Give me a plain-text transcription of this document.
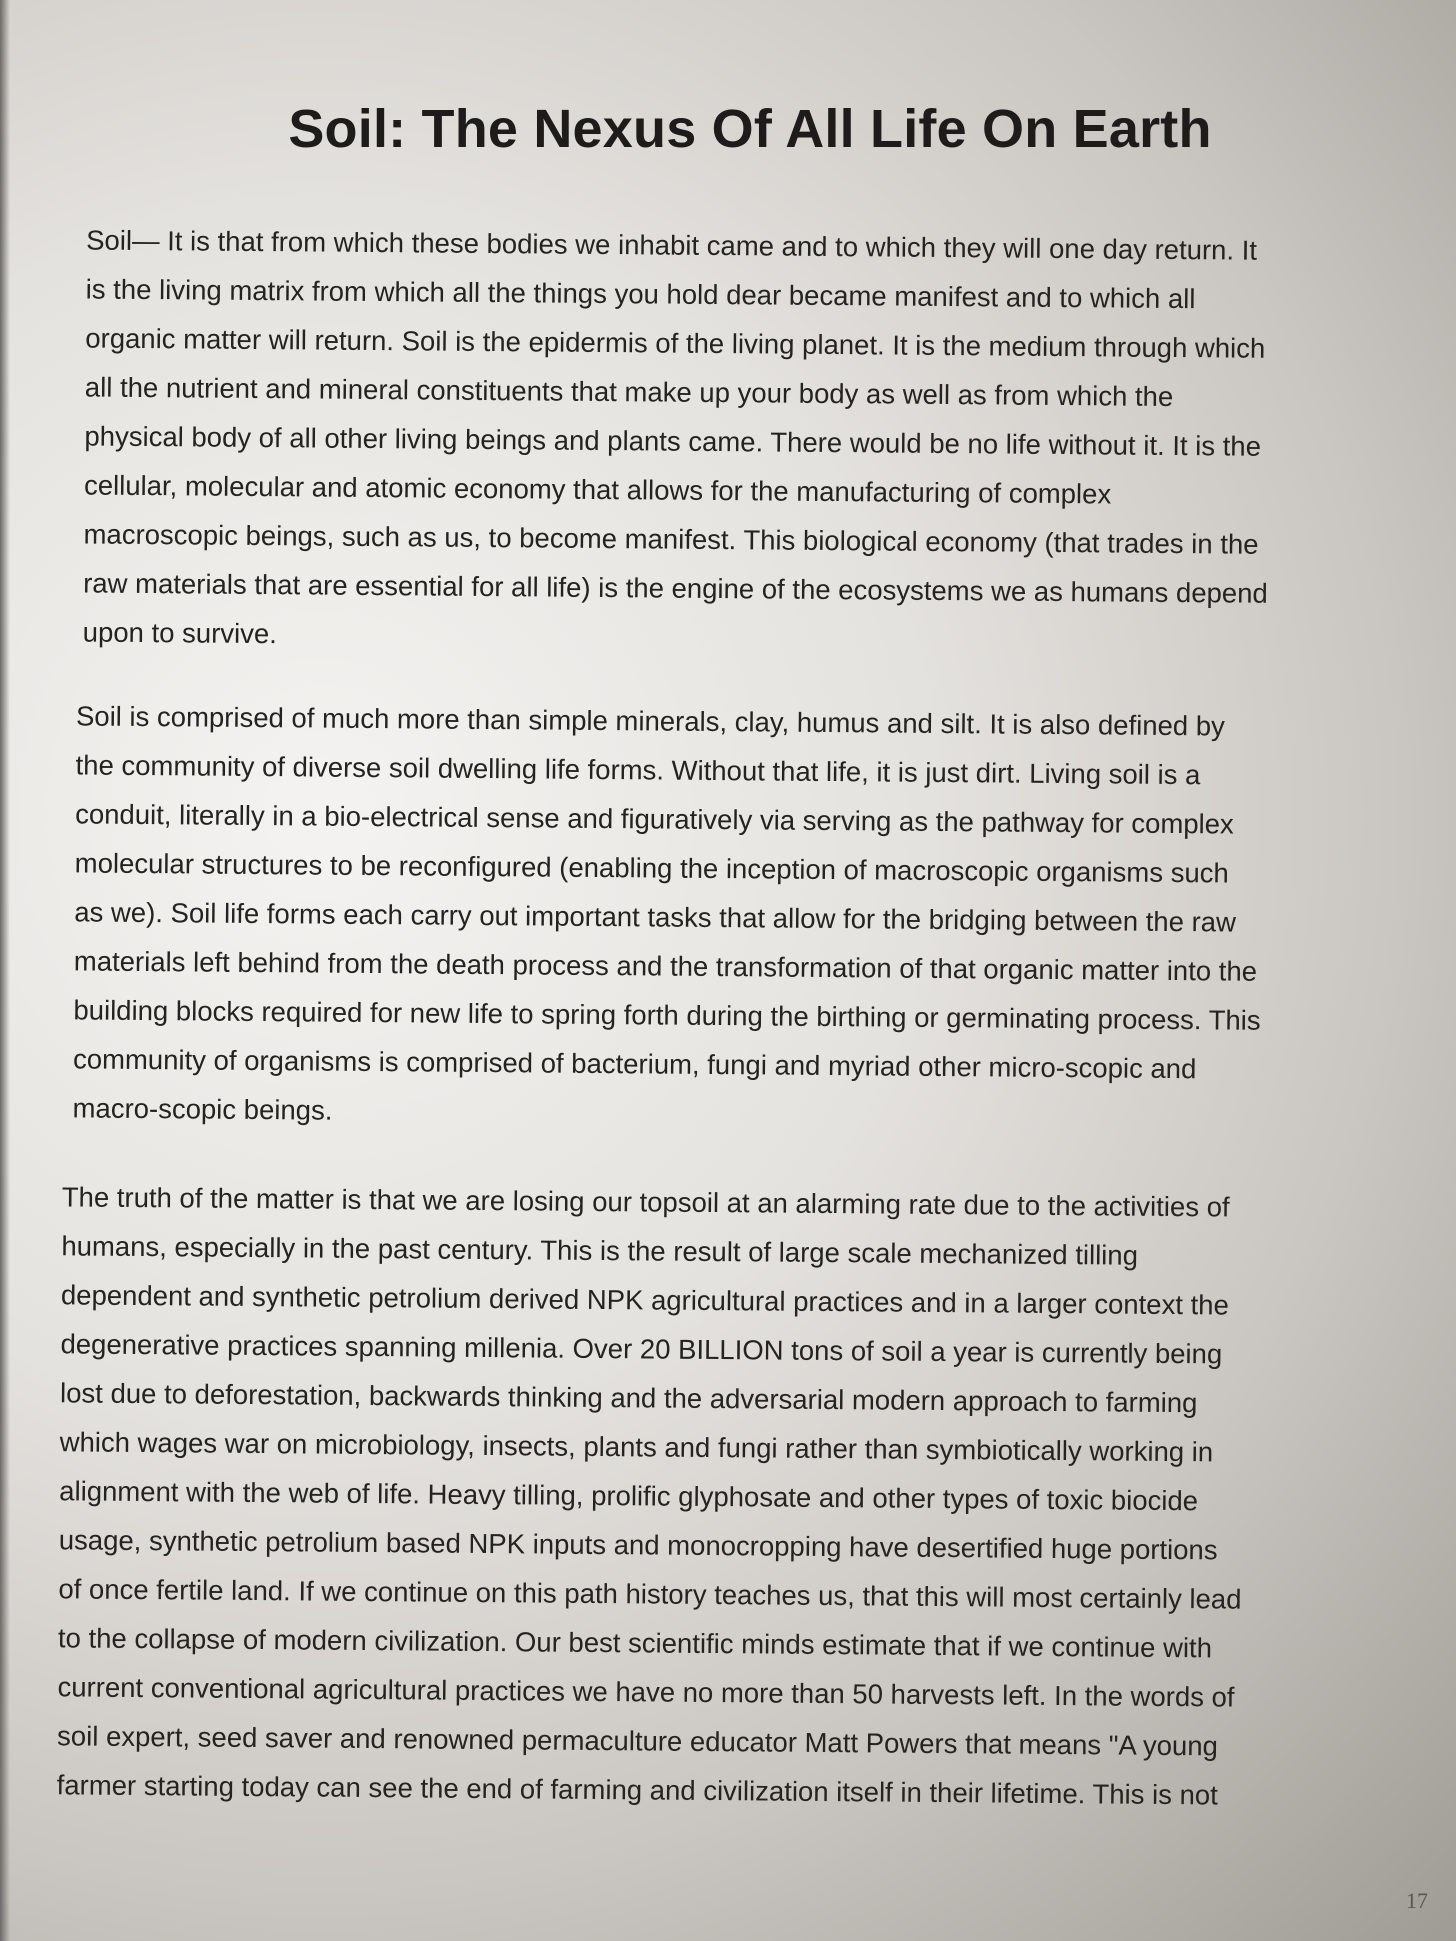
Soil: The Nexus Of All Life On Earth
Soil— It is that from which these bodies we inhabit came and to which they will one day return. It
is the living matrix from which all the things you hold dear became manifest and to which all
organic matter will return. Soil is the epidermis of the living planet. It is the medium through which
all the nutrient and mineral constituents that make up your body as well as from which the
physical body of all other living beings and plants came. There would be no life without it. It is the
cellular, molecular and atomic economy that allows for the manufacturing of complex
macroscopic beings, such as us, to become manifest. This biological economy (that trades in the
raw materials that are essential for all life) is the engine of the ecosystems we as humans depend
upon to survive.
Soil is comprised of much more than simple minerals, clay, humus and silt. It is also defined by
the community of diverse soil dwelling life forms. Without that life, it is just dirt. Living soil is a
conduit, literally in a bio-electrical sense and figuratively via serving as the pathway for complex
molecular structures to be reconfigured (enabling the inception of macroscopic organisms such
as we). Soil life forms each carry out important tasks that allow for the bridging between the raw
materials left behind from the death process and the transformation of that organic matter into the
building blocks required for new life to spring forth during the birthing or germinating process. This
community of organisms is comprised of bacterium, fungi and myriad other micro-scopic and
macro-scopic beings.
The truth of the matter is that we are losing our topsoil at an alarming rate due to the activities of
humans, especially in the past century. This is the result of large scale mechanized tilling
dependent and synthetic petrolium derived NPK agricultural practices and in a larger context the
degenerative practices spanning millenia. Over 20 BILLION tons of soil a year is currently being
lost due to deforestation, backwards thinking and the adversarial modern approach to farming
which wages war on microbiology, insects, plants and fungi rather than symbiotically working in
alignment with the web of life. Heavy tilling, prolific glyphosate and other types of toxic biocide
usage, synthetic petrolium based NPK inputs and monocropping have desertified huge portions
of once fertile land. If we continue on this path history teaches us, that this will most certainly lead
to the collapse of modern civilization. Our best scientific minds estimate that if we continue with
current conventional agricultural practices we have no more than 50 harvests left. In the words of
soil expert, seed saver and renowned permaculture educator Matt Powers that means "A young
farmer starting today can see the end of farming and civilization itself in their lifetime. This is not
17
